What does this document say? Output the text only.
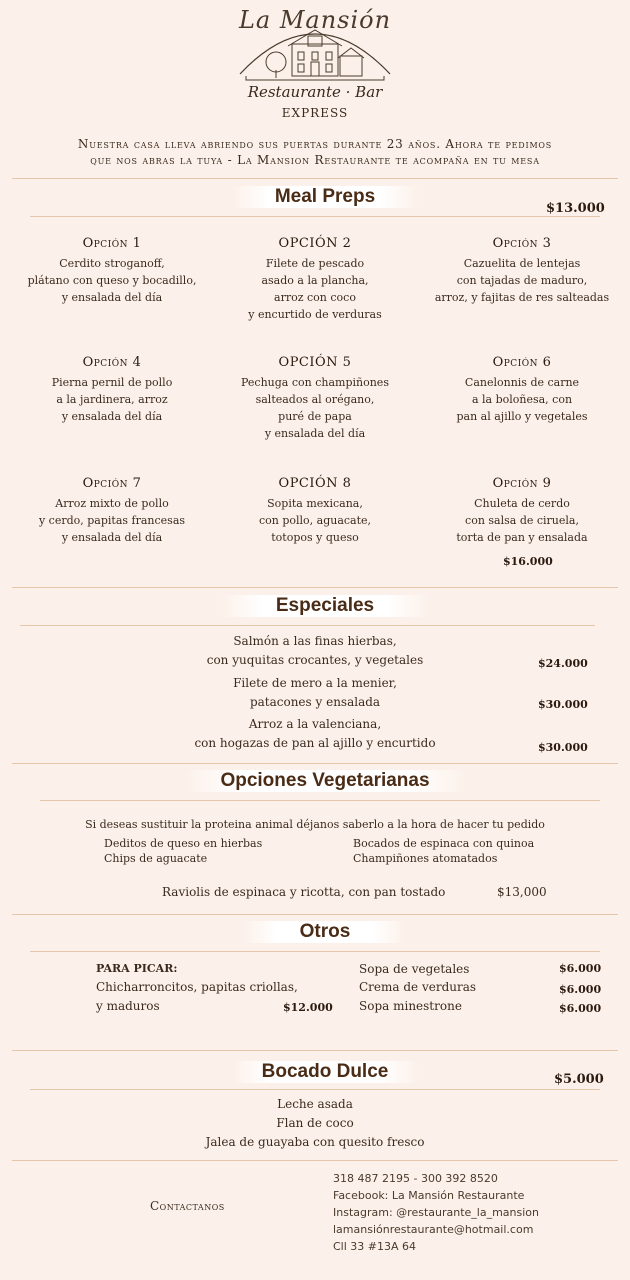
La Mansión
Restaurante · Bar
EXPRESS
Nuestra casa lleva abriendo sus puertas durante 23 años. Ahora te pedimos
que nos abras la tuya - La Mansion Restaurante te acompaña en tu mesa
Meal Preps
$13.000
Opción 1
Cerdito stroganoff,
plátano con queso y bocadillo,
y ensalada del día
OPCIÓN 2
Filete de pescado
asado a la plancha,
arroz con coco
y encurtido de verduras
Opción 3
Cazuelita de lentejas
con tajadas de maduro,
arroz, y fajitas de res salteadas
Opción 4
Pierna pernil de pollo
a la jardinera, arroz
y ensalada del día
OPCIÓN 5
Pechuga con champiñones
salteados al orégano,
puré de papa
y ensalada del día
Opción 6
Canelonnis de carne
a la boloñesa, con
pan al ajillo y vegetales
Opción 7
Arroz mixto de pollo
y cerdo, papitas francesas
y ensalada del día
OPCIÓN 8
Sopita mexicana,
con pollo, aguacate,
totopos y queso
Opción 9
Chuleta de cerdo
con salsa de ciruela,
torta de pan y ensalada
$16.000
Especiales
Salmón a las finas hierbas,
con yuquitas crocantes, y vegetales	$24.000
Filete de mero a la menier,
patacones y ensalada	$30.000
Arroz a la valenciana,
con hogazas de pan al ajillo y encurtido	$30.000
Opciones Vegetarianas
Si deseas sustituir la proteina animal déjanos saberlo a la hora de hacer tu pedido
Deditos de queso en hierbas
Chips de aguacate
Bocados de espinaca con quinoa
Champiñones atomatados
Raviolis de espinaca y ricotta, con pan tostado	$13,000
Otros
PARA PICAR:
Chicharroncitos, papitas criollas,
y maduros	$12.000
Sopa de vegetales	$6.000
Crema de verduras	$6.000
Sopa minestrone	$6.000
Bocado Dulce	$5.000
Leche asada
Flan de coco
Jalea de guayaba con quesito fresco
Contactanos
318 487 2195 - 300 392 8520
Facebook: La Mansión Restaurante
Instagram: @restaurante_la_mansion
lamansiónrestaurante@hotmail.com
Cll 33 #13A 64
